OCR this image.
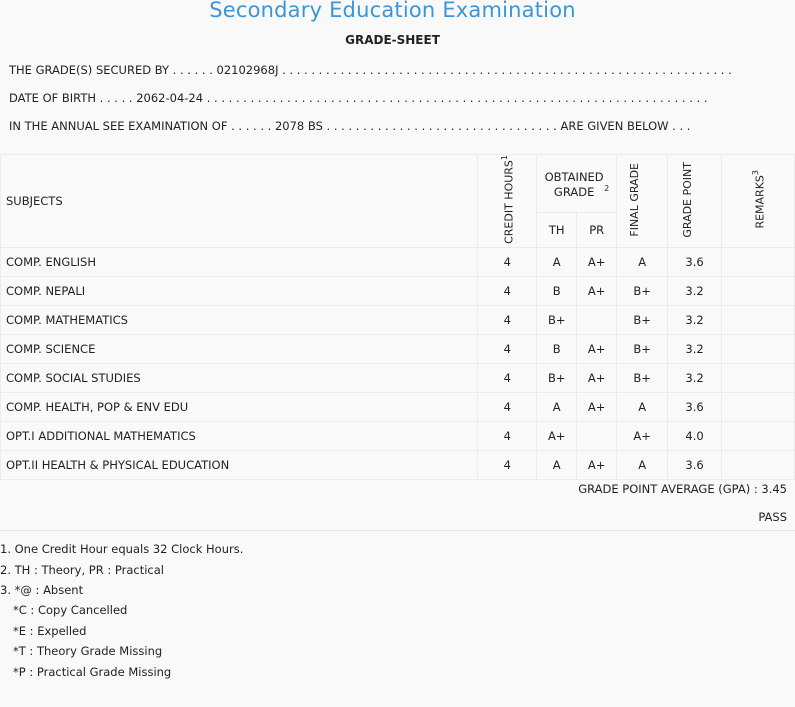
Secondary Education Examination
GRADE-SHEET
THE GRADE(S) SECURED BY . . . . . . 02102968J . . . . . . . . . . . . . . . . . . . . . . . . . . . . . . . . . . . . . . . . . . . . . . . . . . . . . . . . . . . . . .
DATE OF BIRTH . . . . . 2062-04-24 . . . . . . . . . . . . . . . . . . . . . . . . . . . . . . . . . . . . . . . . . . . . . . . . . . . . . . . . . . . . . . . . . . . . .
IN THE ANNUAL SEE EXAMINATION OF . . . . . . 2078 BS . . . . . . . . . . . . . . . . . . . . . . . . . . . . . . . . ARE GIVEN BELOW . . .
SUBJECTS	CREDIT HOURS$^1$	OBTAINED GRADE $^2$		FINAL GRADE	GRADE POINT	REMARKS$^3$
		TH	PR			
COMP. ENGLISH	4	A	A+	A	3.6	
COMP. NEPALI	4	B	A+	B+	3.2	
COMP. MATHEMATICS	4	B+		B+	3.2	
COMP. SCIENCE	4	B	A+	B+	3.2	
COMP. SOCIAL STUDIES	4	B+	A+	B+	3.2	
COMP. HEALTH, POP & ENV EDU	4	A	A+	A	3.6	
OPT.I ADDITIONAL MATHEMATICS	4	A+		A+	4.0	
OPT.II HEALTH & PHYSICAL EDUCATION	4	A	A+	A	3.6	
GRADE POINT AVERAGE (GPA) : 3.45
PASS
1. One Credit Hour equals 32 Clock Hours.
2. TH : Theory, PR : Practical
3. *@ : Absent
*C : Copy Cancelled
*E : Expelled
*T : Theory Grade Missing
*P : Practical Grade Missing
